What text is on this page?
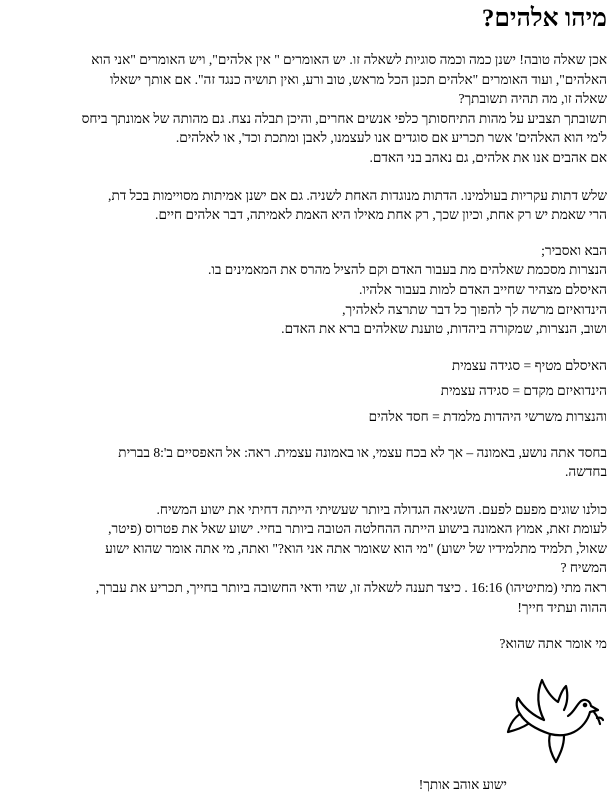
מיהו אלהים?

אכן שאלה טובה! ישנן כמה וכמה סוגיות לשאלה זו. יש האומרים " אין אלהים", ויש האומרים "אני הוא
האלהים", ועוד האומרים "אלהים תכנן הכל מראש, טוב ורע, ואין תושיה כנגד זה". אם אותך ישאלו
שאלה זו, מה תהיה תשובתך?
תשובתך תצביע על מהות התיחסותך כלפי אנשים אחרים, והיכן תבלה נצח. גם מהותה של אמונתך ביחס
ל'מי הוא האלהים' אשר תכריע אם סוגדים אנו לעצמנו, לאבן ומתכת וכד', או לאלהים.
אם אהבים אנו את אלהים, גם נאהב בני האדם.

שלש דתות עקריות בעולמינו. הדתות מנוגדות האחת לשניה. גם אם ישנן אמיתות מסויימות בכל דת,
הרי שאמת יש רק אחת, וכיון שכך, רק אחת מאילו היא האמת לאמיתה, דבר אלהים חיים.

הבא ואסביר;
הנצרות מסכמת שאלהים מת בעבור האדם וקם להציל מהרס את המאמינים בו.
האיסלם מצהיר שחייב האדם למות בעבור אלהיו.
הינדואיזם מרשה לך להפוך כל דבר שתרצה לאלהיך,
ושוב, הנצרות, שמקורה ביהדות, טוענת שאלהים ברא את האדם.

האיסלם מטיף = סגידה עצמית
הינדואיזם מקדם = סגידה עצמית
והנצרות משרשי היהדות מלמדת = חסד אלהים

בחסד אתה נושע, באמונה – אך לא בכח עצמי, או באמונה עצמית. ראה: אל האפסיים ב':8 בברית
בחדשה.

כולנו שוגים מפעם לפעם. השגיאה הגדולה ביותר שעשיתי הייתה דחיתי את ישוע המשיח.
לעומת זאת, אמוץ האמונה בישוע הייתה ההחלטה הטובה ביותר בחיי. ישוע שאל את פטרוס (פיטר,
שאול, תלמיד מתלמידיו של ישוע) "מי הוא שאומר אתה אני הוא?" ואתה, מי אתה אומר שהוא ישוע
המשיח ?
ראה מתי (מתיטיהו) 16:16 . כיצד תענה לשאלה זו, שהי ודאי החשובה ביותר בחייך, תכריע את עברך,
ההוה ועתיד חייך!

מי אומר אתה שהוא?

ישוע אוהב אותך!
